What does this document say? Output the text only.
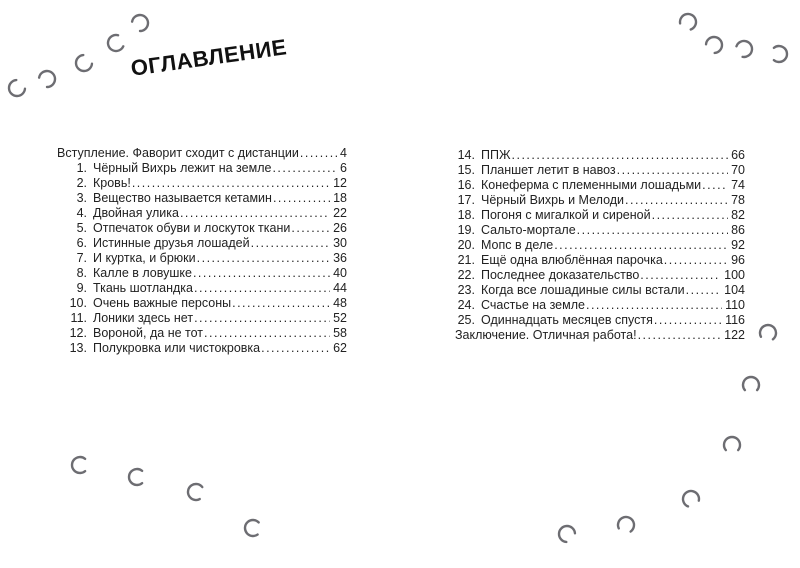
ОГЛАВЛЕНИЕ
Вступление. Фаворит сходит с дистанции .....	4
1. Чёрный Вихрь лежит на земле .....	6
2. Кровь! .....	12
3. Вещество называется кетамин .....	18
4. Двойная улика .....	22
5. Отпечаток обуви и лоскуток ткани .....	26
6. Истинные друзья лошадей .....	30
7. И куртка, и брюки .....	36
8. Калле в ловушке .....	40
9. Ткань шотландка .....	44
10. Очень важные персоны .....	48
11. Лоники здесь нет .....	52
12. Вороной, да не тот .....	58
13. Полукровка или чистокровка .....	62
14. ППЖ .....	66
15. Планшет летит в навоз .....	70
16. Конеферма с племенными лошадьми ..... 74
17. Чёрный Вихрь и Мелоди .....	78
18. Погоня с мигалкой и сиреной .....	82
19. Сальто-мортале .....	86
20. Мопс в деле .....	92
21. Ещё одна влюблённая парочка .....	96
22. Последнее доказательство .....	100
23. Когда все лошадиные силы встали .....	104
24. Счастье на земле .....	110
25. Одиннадцать месяцев спустя .....	116
Заключение. Отличная работа! .....	122
